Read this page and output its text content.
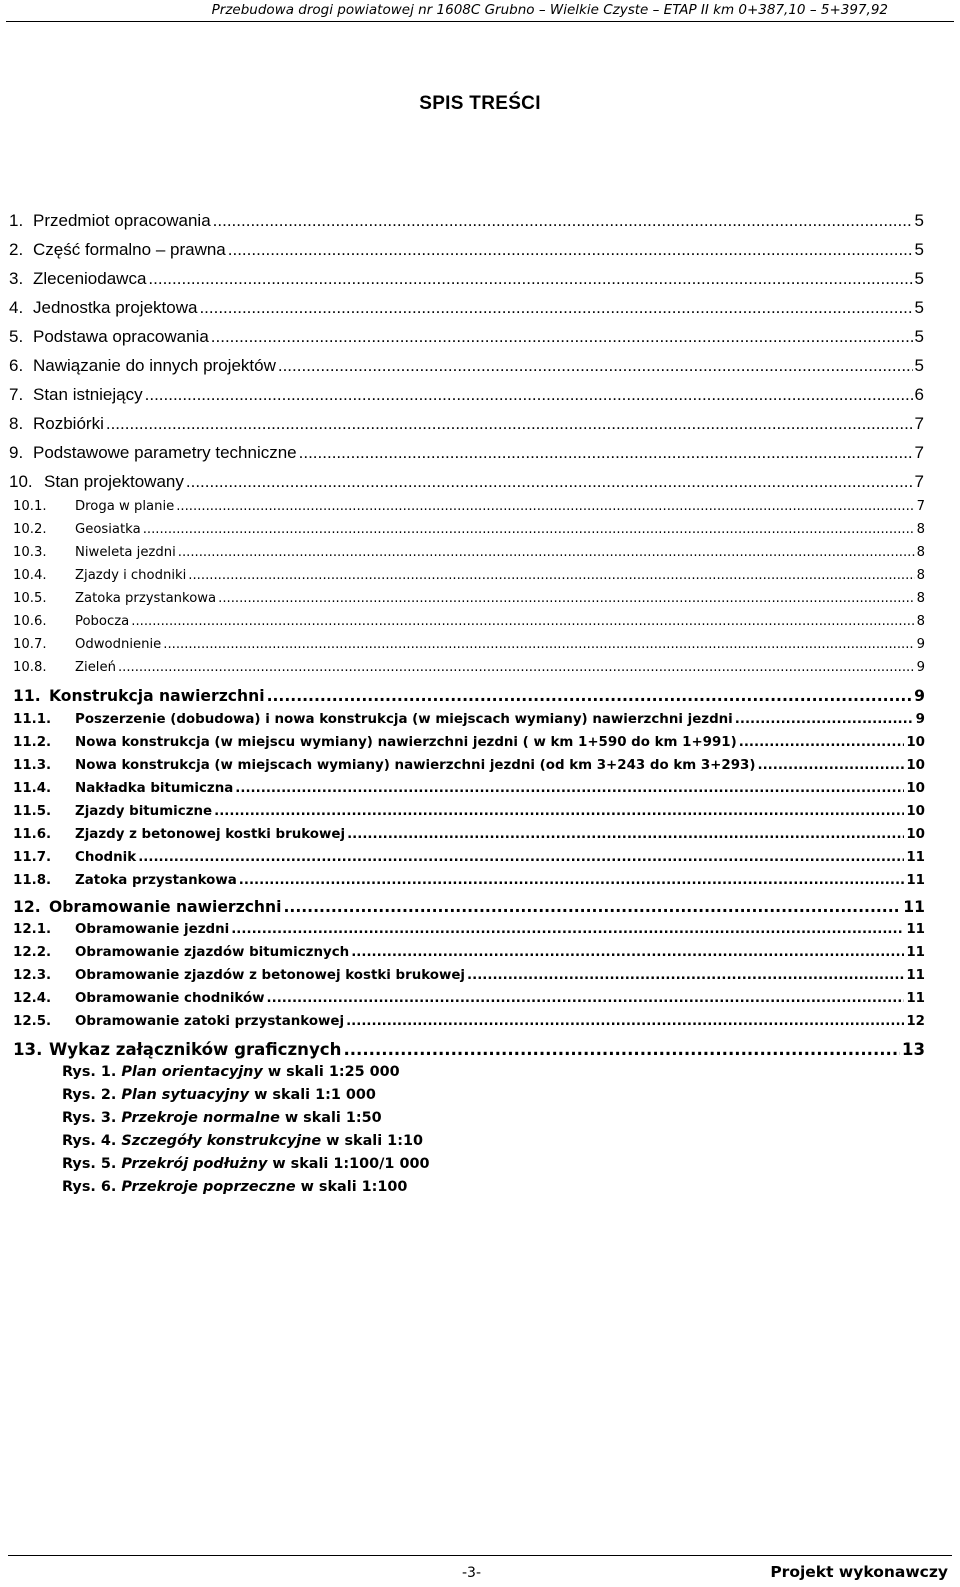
Przebudowa drogi powiatowej nr 1608C Grubno – Wielkie Czyste – ETAP II km 0+387,10 – 5+397,92
SPIS TREŚCI
1. Przedmiot opracowania .....	5
2. Część formalno – prawna .....	5
3. Zleceniodawca .....	5
4. Jednostka projektowa .....	5
5. Podstawa opracowania .....	5
6. Nawiązanie do innych projektów .....	5
7. Stan istniejący .....	6
8. Rozbiórki .....	7
9. Podstawowe parametry techniczne .....	7
10. Stan projektowany .....	7
10.1.	Droga w planie .....	7
10.2.	Geosiatka .....	8
10.3.	Niweleta jezdni .....	8
10.4.	Zjazdy i chodniki .....	8
10.5.	Zatoka przystankowa .....	8
10.6.	Pobocza .....	8
10.7.	Odwodnienie .....	9
10.8.	Zieleń .....	9
11. Konstrukcja nawierzchni .....	9
11.1.	Poszerzenie (dobudowa) i nowa konstrukcja (w miejscach wymiany) nawierzchni jezdni .....	9
11.2.	Nowa konstrukcja (w miejscu wymiany) nawierzchni jezdni ( w km 1+590 do km 1+991) .....	10
11.3.	Nowa konstrukcja (w miejscach wymiany) nawierzchni jezdni (od km 3+243 do km 3+293) .....	10
11.4.	Nakładka bitumiczna .....	10
11.5.	Zjazdy bitumiczne .....	10
11.6.	Zjazdy z betonowej kostki brukowej .....	10
11.7.	Chodnik .....	11
11.8.	Zatoka przystankowa .....	11
12. Obramowanie nawierzchni .....	11
12.1.	Obramowanie jezdni .....	11
12.2.	Obramowanie zjazdów bitumicznych .....	11
12.3.	Obramowanie zjazdów z betonowej kostki brukowej .....	11
12.4.	Obramowanie chodników .....	11
12.5.	Obramowanie zatoki przystankowej .....	12
13. Wykaz załączników graficznych .....	13
Rys. 1. Plan orientacyjny w skali 1:25 000
Rys. 2. Plan sytuacyjny w skali 1:1 000
Rys. 3. Przekroje normalne w skali 1:50
Rys. 4. Szczegóły konstrukcyjne w skali 1:10
Rys. 5. Przekrój podłużny w skali 1:100/1 000
Rys. 6. Przekroje poprzeczne w skali 1:100
-3-	Projekt wykonawczy
